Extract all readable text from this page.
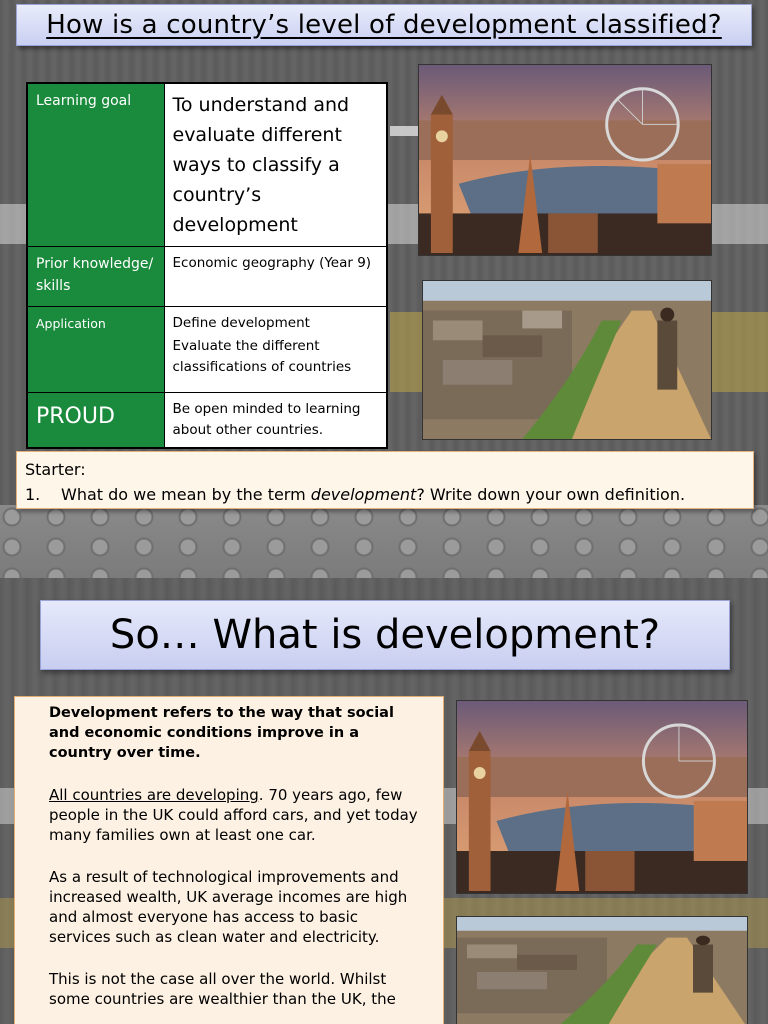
How is a country’s level of development classified?
Learning goal	To understand and evaluate different ways to classify a country’s development
Prior knowledge/ skills	Economic geography (Year 9)
Application	Define development
Evaluate the different classifications of countries

PROUD	Be open minded to learning about other countries.
Starter:
1.	What do we mean by the term development? Write down your own definition.
So… What is development?

Development refers to the way that social and economic conditions improve in a country over time.

All countries are developing. 70 years ago, few people in the UK could afford cars, and yet today many families own at least one car.

As a result of technological improvements and increased wealth, UK average incomes are high and almost everyone has access to basic services such as clean water and electricity.

This is not the case all over the world. Whilst some countries are wealthier than the UK, the
